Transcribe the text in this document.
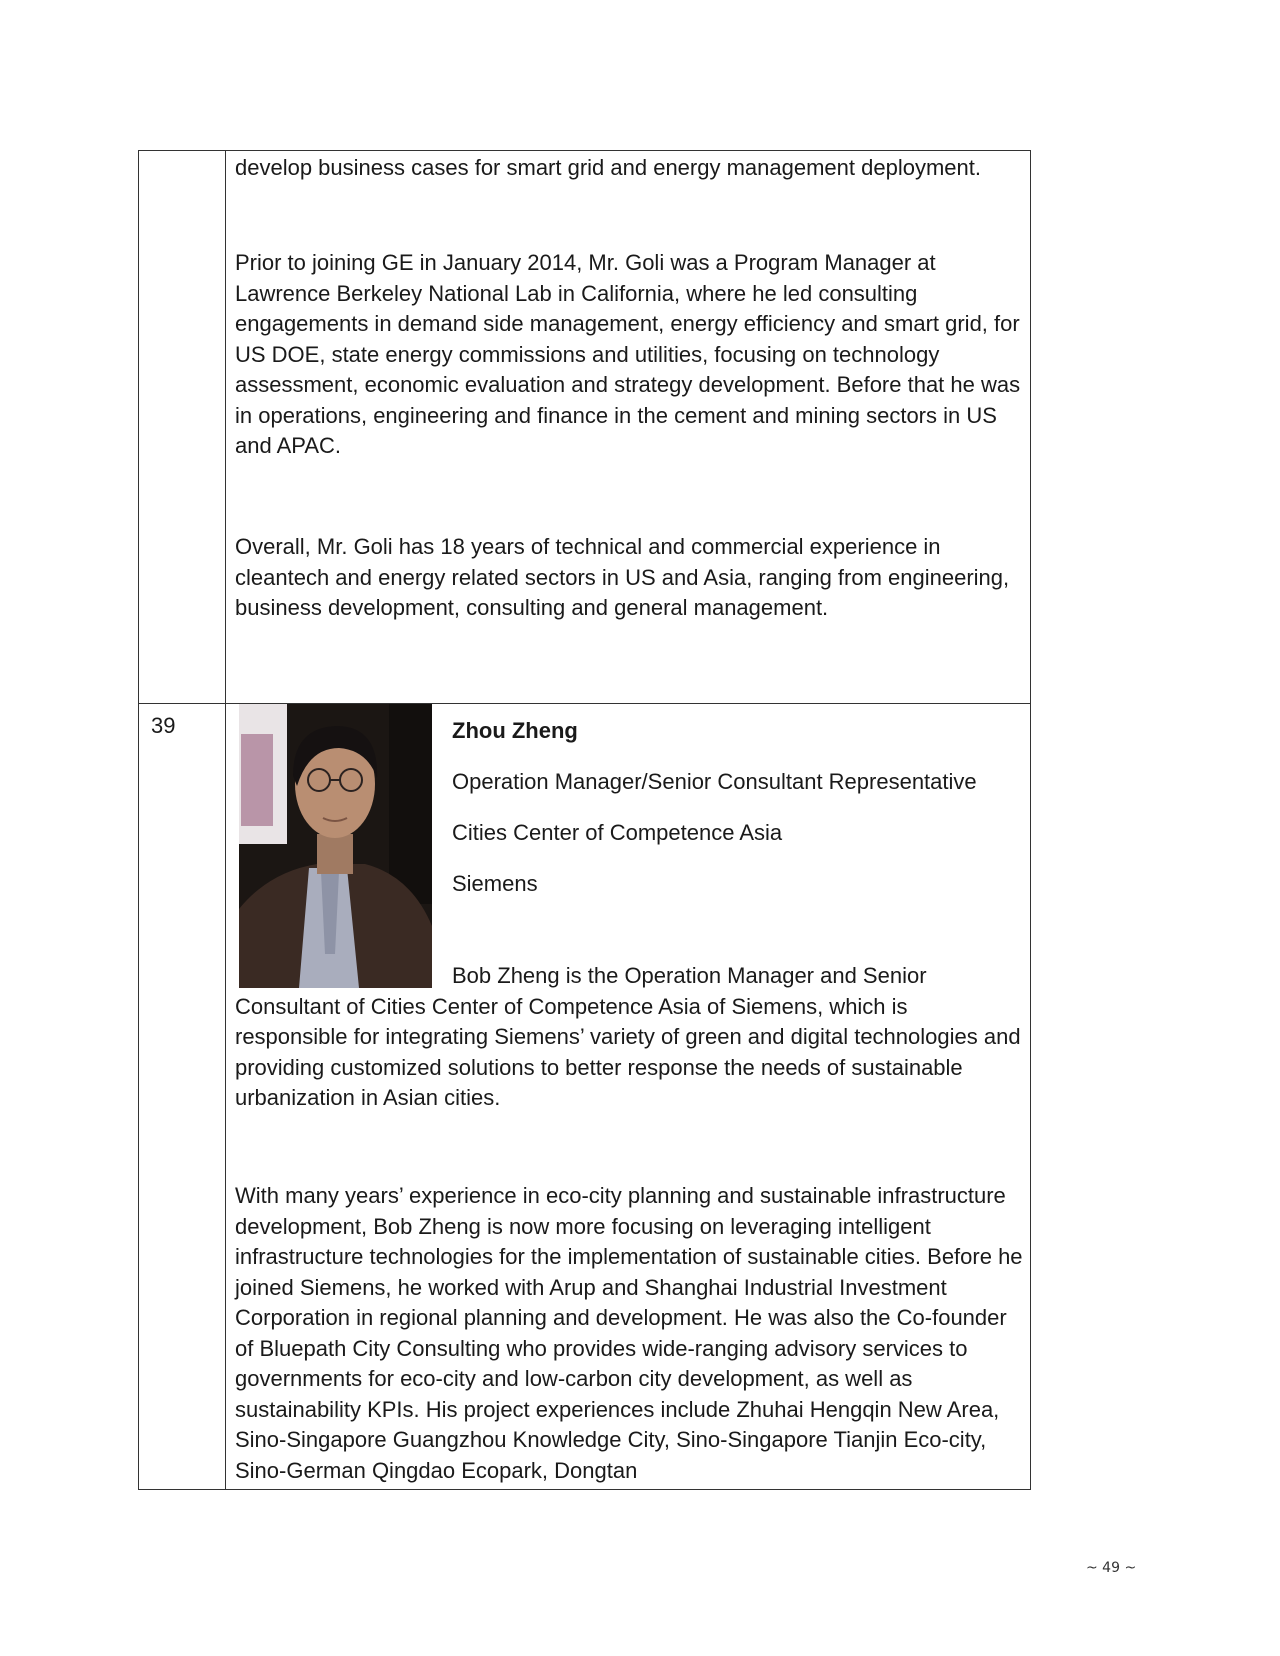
develop business cases for smart grid and energy management deployment.

Prior to joining GE in January 2014, Mr. Goli was a Program Manager at Lawrence Berkeley National Lab in California, where he led consulting engagements in demand side management, energy efficiency and smart grid, for US DOE, state energy commissions and utilities, focusing on technology assessment, economic evaluation and strategy development. Before that he was in operations, engineering and finance in the cement and mining sectors in US and APAC.

Overall, Mr. Goli has 18 years of technical and commercial experience in cleantech and energy related sectors in US and Asia, ranging from engineering, business development, consulting and general management.

39	Zhou Zheng

Operation Manager/Senior Consultant Representative

Cities Center of Competence Asia

Siemens

Bob Zheng is the Operation Manager and Senior Consultant of Cities Center of Competence Asia of Siemens, which is responsible for integrating Siemens’ variety of green and digital technologies and providing customized solutions to better response the needs of sustainable urbanization in Asian cities.

With many years’ experience in eco-city planning and sustainable infrastructure development, Bob Zheng is now more focusing on leveraging intelligent infrastructure technologies for the implementation of sustainable cities. Before he joined Siemens, he worked with Arup and Shanghai Industrial Investment Corporation in regional planning and development. He was also the Co-founder of Bluepath City Consulting who provides wide-ranging advisory services to governments for eco-city and low-carbon city development, as well as sustainability KPIs. His project experiences include Zhuhai Hengqin New Area, Sino-Singapore Guangzhou Knowledge City, Sino-Singapore Tianjin Eco-city, Sino-German Qingdao Ecopark, Dongtan

~ 49 ~
